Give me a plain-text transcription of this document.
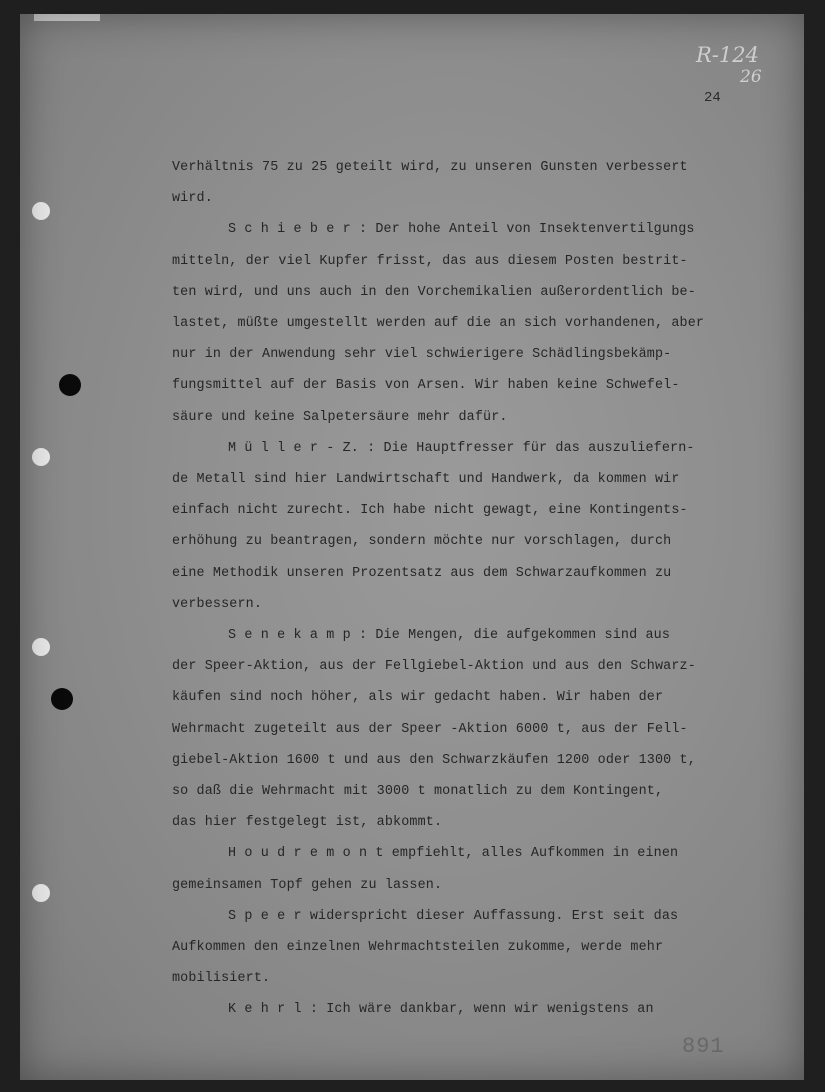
R-124
26
24
Verhältnis 75 zu 25 geteilt wird, zu unseren Gunsten verbessert
wird.
S c h i e b e r : Der hohe Anteil von Insektenvertilgungs
mitteln, der viel Kupfer frisst, das aus diesem Posten bestrit-
ten wird, und uns auch in den Vorchemikalien außerordentlich be-
lastet, müßte umgestellt werden auf die an sich vorhandenen, aber
nur in der Anwendung sehr viel schwierigere Schädlingsbekämp-
fungsmittel auf der Basis von Arsen. Wir haben keine Schwefel-
säure und keine Salpetersäure mehr dafür.
M ü l l e r - Z. : Die Hauptfresser für das auszuliefern-
de Metall sind hier Landwirtschaft und Handwerk, da kommen wir
einfach nicht zurecht. Ich habe nicht gewagt, eine Kontingents-
erhöhung zu beantragen, sondern möchte nur vorschlagen, durch
eine Methodik unseren Prozentsatz aus dem Schwarzaufkommen zu
verbessern.
S e n e k a m p : Die Mengen, die aufgekommen sind aus
der Speer-Aktion, aus der Fellgiebel-Aktion und aus den Schwarz-
käufen sind noch höher, als wir gedacht haben. Wir haben der
Wehrmacht zugeteilt aus der Speer -Aktion 6000 t, aus der Fell-
giebel-Aktion 1600 t und aus den Schwarzkäufen 1200 oder 1300 t,
so daß die Wehrmacht mit 3000 t monatlich zu dem Kontingent,
das hier festgelegt ist, abkommt.
H o u d r e m o n t empfiehlt, alles Aufkommen in einen
gemeinsamen Topf gehen zu lassen.
S p e e r widerspricht dieser Auffassung. Erst seit das
Aufkommen den einzelnen Wehrmachtsteilen zukomme, werde mehr
mobilisiert.
K e h r l : Ich wäre dankbar, wenn wir wenigstens an
891
